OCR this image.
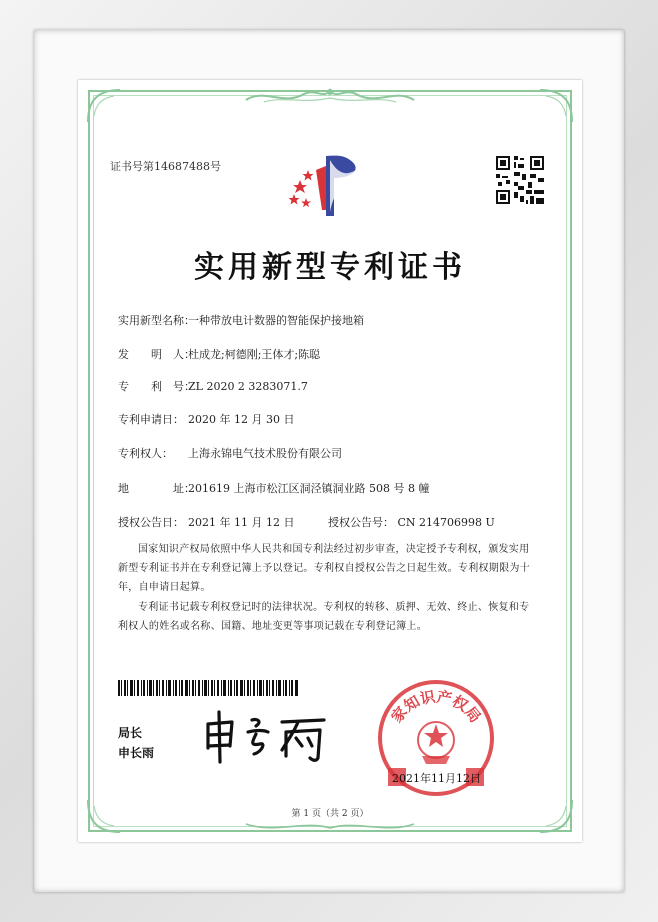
证书号第14687488号
实用新型专利证书
实用新型名称：一种带放电计数器的智能保护接地箱
发　　明　人：杜成龙;柯德刚;王体才;陈聪
专　　利　号：ZL 2020 2 3283071.7
专利申请日： 2020 年 12 月 30 日
专利权人： 上海永锦电气技术股份有限公司
地　　　　址：201619 上海市松江区洞泾镇洞业路 508 号 8 幢
授权公告日： 2021 年 11 月 12 日	授权公告号： CN 214706998 U
国家知识产权局依照中华人民共和国专利法经过初步审查，决定授予专利权，颁发实用新型专利证书并在专利登记簿上予以登记。专利权自授权公告之日起生效。专利权期限为十年，自申请日起算。
专利证书记载专利权登记时的法律状况。专利权的转移、质押、无效、终止、恢复和专利权人的姓名或名称、国籍、地址变更等事项记载在专利登记簿上。
局长
申长雨
家知识产权局
2021年11月12日
第 1 页（共 2 页）
